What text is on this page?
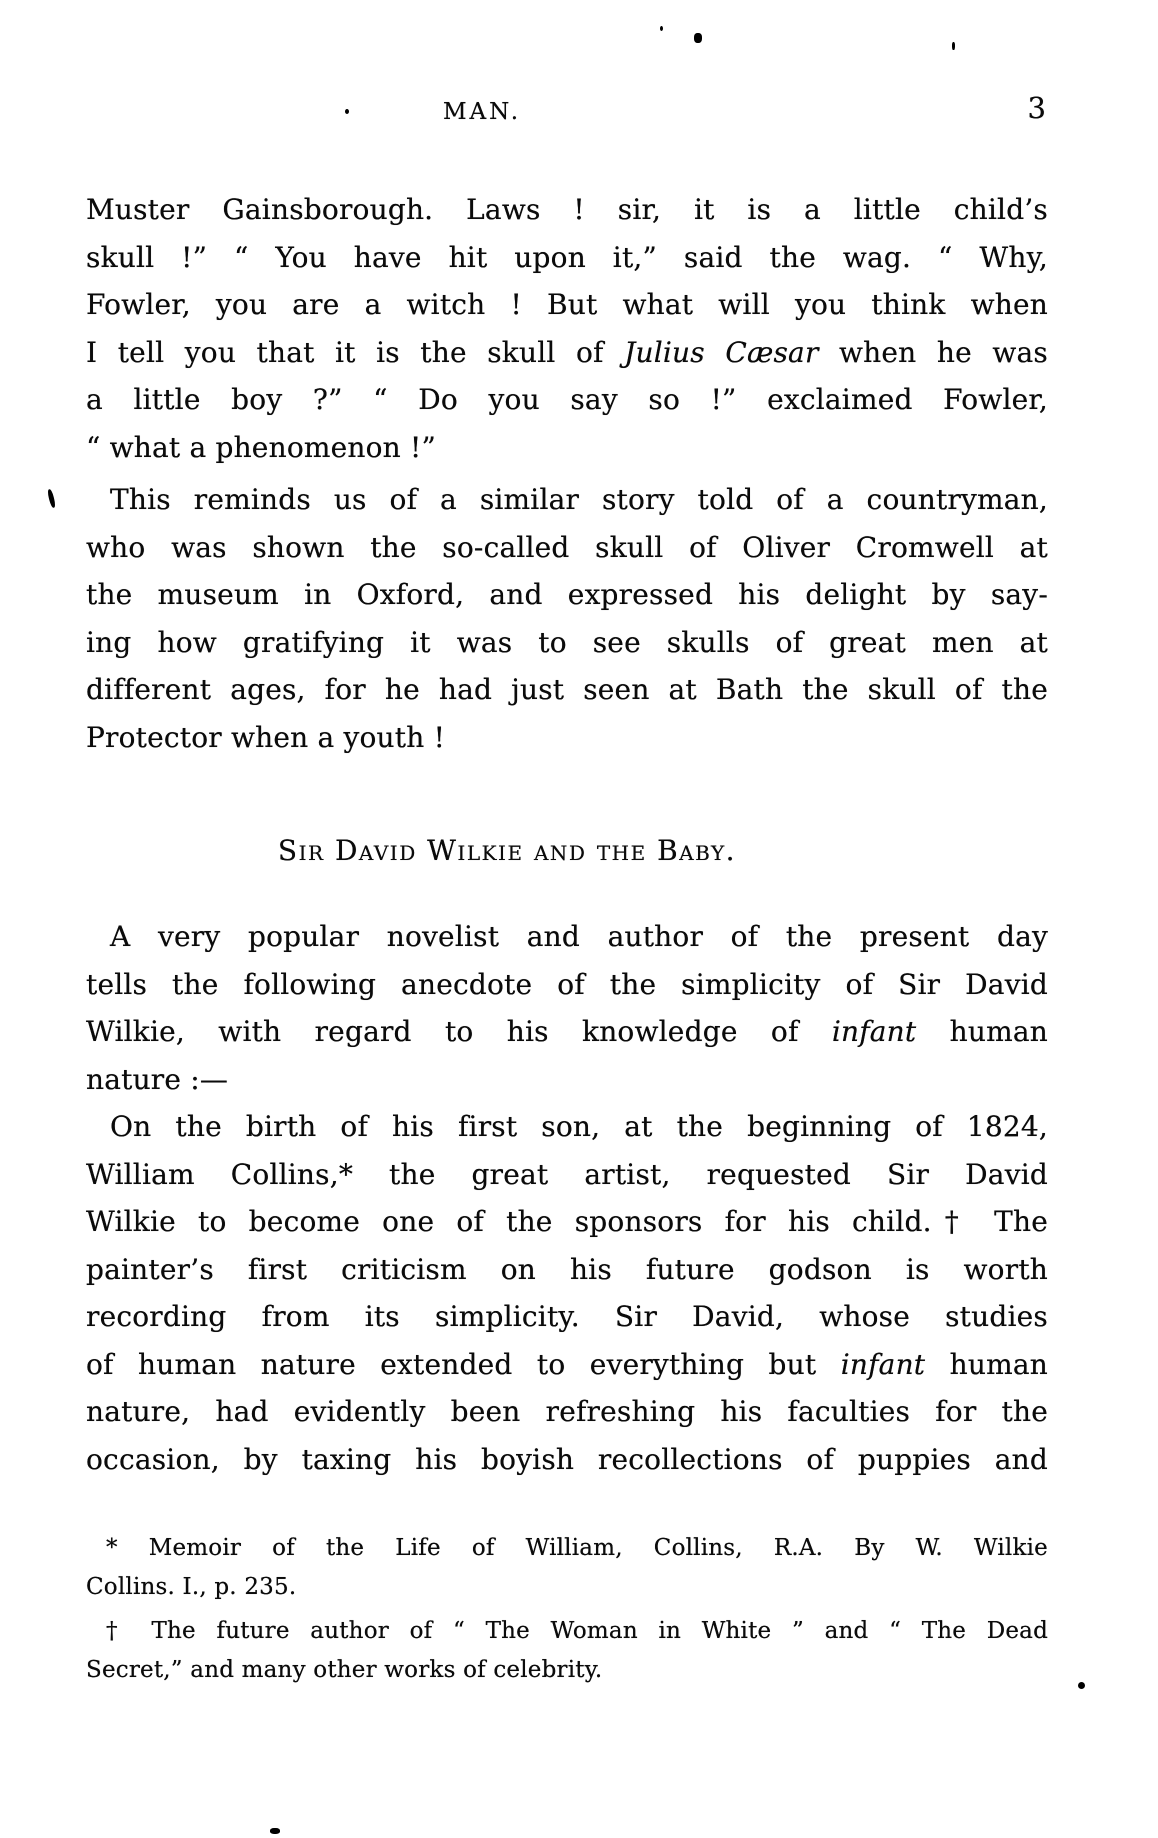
MAN.	3
Muster Gainsborough. Laws ! sir, it is a little child’s
skull !” “ You have hit upon it,” said the wag. “ Why,
Fowler, you are a witch ! But what will you think when
I tell you that it is the skull of Julius Cæsar when he was
a little boy ?” “ Do you say so !” exclaimed Fowler,
“ what a phenomenon !”
This reminds us of a similar story told of a countryman,
who was shown the so-called skull of Oliver Cromwell at
the museum in Oxford, and expressed his delight by say-
ing how gratifying it was to see skulls of great men at
different ages, for he had just seen at Bath the skull of the
Protector when a youth !
Sir David Wilkie and the Baby.
A very popular novelist and author of the present day
tells the following anecdote of the simplicity of Sir David
Wilkie, with regard to his knowledge of infant human
nature :—
On the birth of his first son, at the beginning of 1824,
William Collins,* the great artist, requested Sir David
Wilkie to become one of the sponsors for his child.† The
painter’s first criticism on his future godson is worth
recording from its simplicity. Sir David, whose studies
of human nature extended to everything but infant human
nature, had evidently been refreshing his faculties for the
occasion, by taxing his boyish recollections of puppies and
* Memoir of the Life of William, Collins, R.A. By W. Wilkie
Collins. I., p. 235.
† The future author of “ The Woman in White ” and “ The Dead
Secret,” and many other works of celebrity.
